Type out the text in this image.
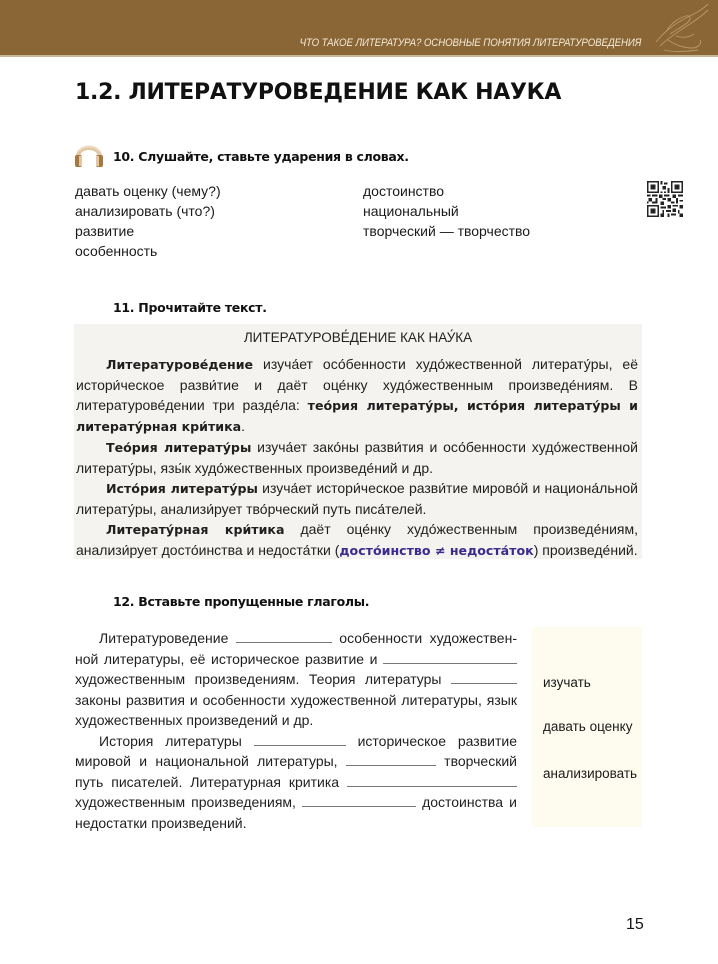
ЧТО ТАКОЕ ЛИТЕРАТУРА? ОСНОВНЫЕ ПОНЯТИЯ ЛИТЕРАТУРОВЕДЕНИЯ
1.2. ЛИТЕРАТУРОВЕДЕНИЕ КАК НАУКА
10. Слушайте, ставьте ударения в словах.
давать оценку (чему?)
анализировать (что?)
развитие
особенность
достоинство
национальный
творческий — творчество
11. Прочитайте текст.
ЛИТЕРАТУРОВЕ́ДЕНИЕ КАК НАУ́КА

Литературове́дение изуча́ет осо́бенности худо́жественной литерату́ры, её истори́ческое разви́тие и даёт оце́нку худо́жественным произведе́ниям. В литературове́дении три разде́ла: тео́рия литерату́ры, исто́рия литерату́ры и литерату́рная кри́тика.

Тео́рия литерату́ры изуча́ет зако́ны разви́тия и осо́бенности худо́жественной литерату́ры, язы́к худо́жественных произведе́ний и др.

Исто́рия литерату́ры изуча́ет истори́ческое разви́тие мирово́й и национа́льной литерату́ры, анализи́рует тво́рческий путь писа́телей.

Литерату́рная кри́тика даёт оце́нку худо́жественным произведе́ниям, анализи́рует досто́инства и недоста́тки (досто́инство ≠ недоста́ток) произведе́ний.

12. Вставьте пропущенные глаголы.

Литературоведение	особенности художественной литературы, её историческое развитие и  художественным произведениям. Теория литературы  законы развития и особенности художественной литературы, язык художественных произведений и др.

История литературы	историческое развитие мировой и национальной литературы,	творческий путь писателей. Литературная критика  художественным произведениям,	достоинства и недостатки произведений.

изучать
давать оценку
анализировать
15
